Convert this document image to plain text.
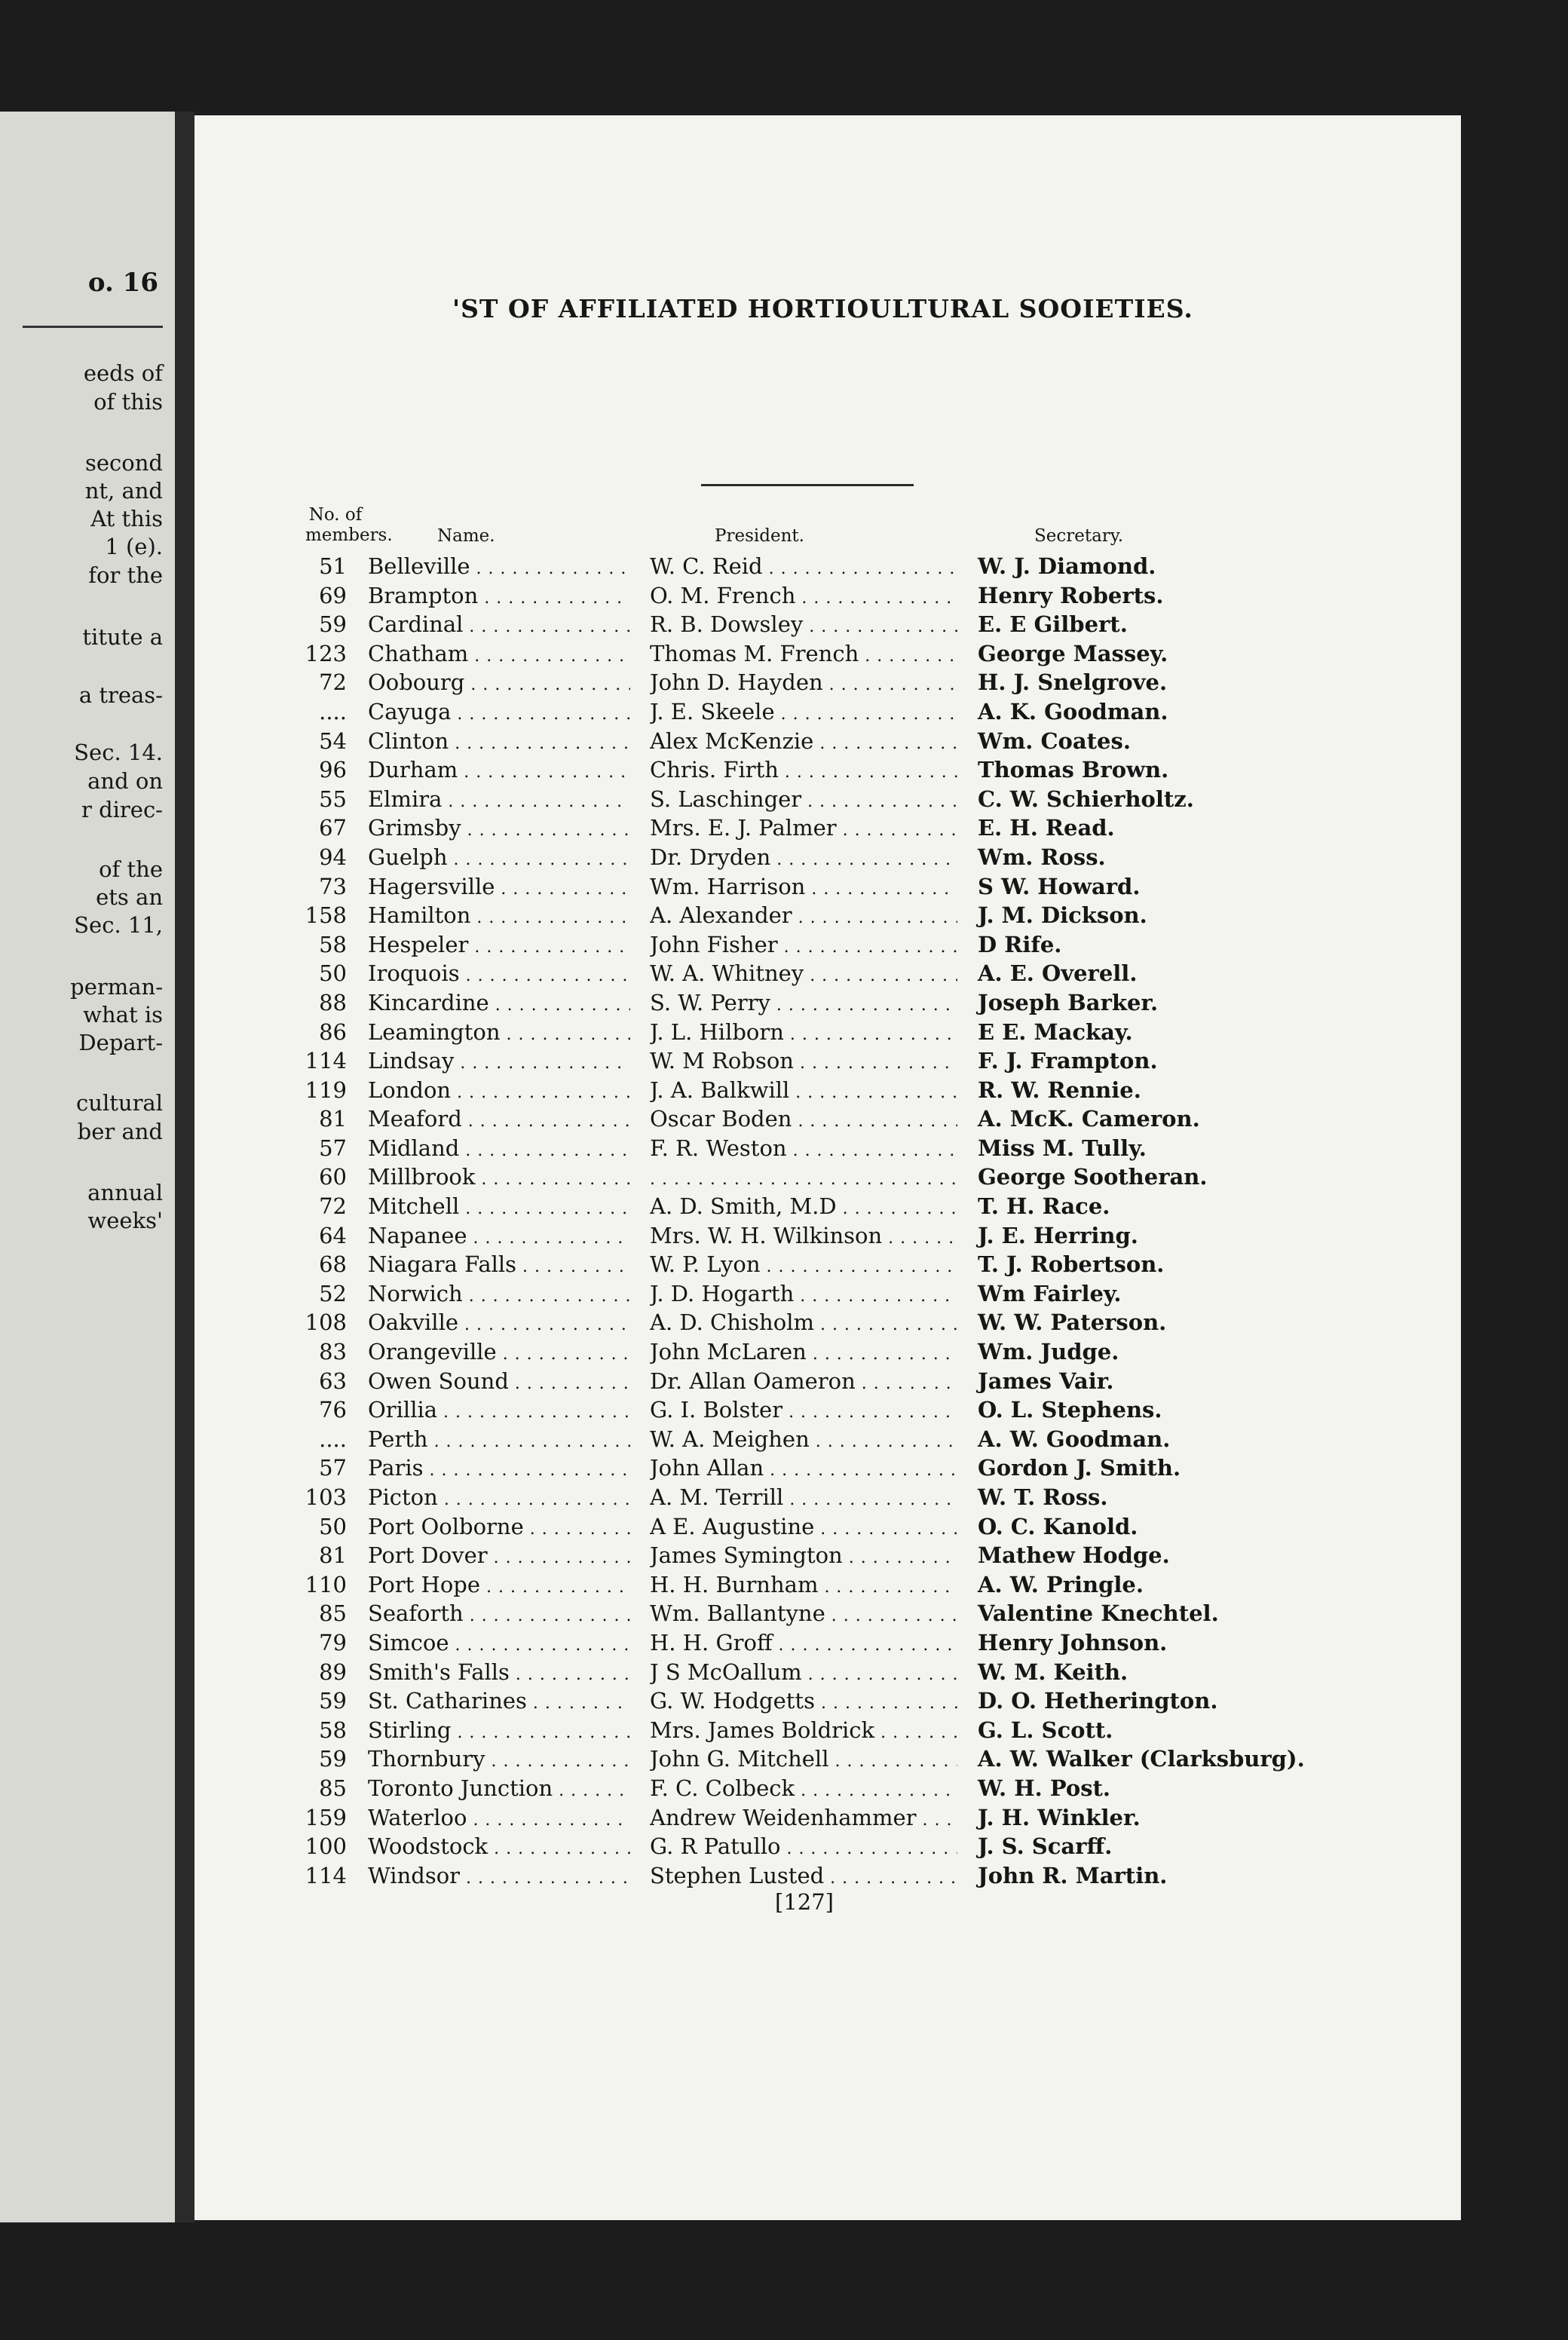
o. 16
eeds of
of this
second
nt, and
At this
1 (e).
for the
titute a
a treas-
Sec. 14.
and on
r direc-
of the
ets an
Sec. 11,
perman-
what is
Depart-
cultural
ber and
annual
weeks'
'ST OF AFFILIATED HORTIOULTURAL SOOIETIES.
No. of
members.	Name.	President.	Secretary.
51 Belleville . . .	W. C. Reid . . .	W. J. Diamond.
69 Brampton . . .	O. M. French . . .	Henry Roberts.
59 Cardinal . . .	R. B. Dowsley . . .	E. E Gilbert.
123 Chatham . . .	Thomas M. French . . .	George Massey.
72 Oobourg . . .	John D. Hayden . . .	H. J. Snelgrove.
.... Cayuga . . .	J. E. Skeele . . .	A. K. Goodman.
54 Clinton . . .	Alex McKenzie . . .	Wm. Coates.
96 Durham . . .	Chris. Firth . . .	Thomas Brown.
55 Elmira . . .	S. Laschinger . . .	C. W. Schierholtz.
67 Grimsby . . .	Mrs. E. J. Palmer . . .	E. H. Read.
94 Guelph . . .	Dr. Dryden . . .	Wm. Ross.
73 Hagersville . . .	Wm. Harrison . . .	S W. Howard.
158 Hamilton . . .	A. Alexander . . .	J. M. Dickson.
58 Hespeler . . .	John Fisher . . .	D Rife.
50 Iroquois . . .	W. A. Whitney . . .	A. E. Overell.
88 Kincardine . . .	S. W. Perry . . .	Joseph Barker.
86 Leamington . . .	J. L. Hilborn . . .	E E. Mackay.
114 Lindsay . . .	W. M Robson . . .	F. J. Frampton.
119 London . . .	J. A. Balkwill . . .	R. W. Rennie.
81 Meaford . . .	Oscar Boden . . .	A. McK. Cameron.
57 Midland . . .	F. R. Weston . . .	Miss M. Tully.
60 Millbrook . . .
. . .	George Sootheran.
72 Mitchell . . .	A. D. Smith, M.D . . .	T. H. Race.
64 Napanee . . .	Mrs. W. H. Wilkinson . . .	J. E. Herring.
68 Niagara Falls . . .	W. P. Lyon . . .	T. J. Robertson.
52 Norwich . . .	J. D. Hogarth . . .	Wm Fairley.
108 Oakville . . .	A. D. Chisholm . . .	W. W. Paterson.
83 Orangeville . . .	John McLaren . . .	Wm. Judge.
63 Owen Sound . . .	Dr. Allan Oameron . . .	James Vair.
76 Orillia . . .	G. I. Bolster . . .	O. L. Stephens.
.... Perth . . .	W. A. Meighen . . .	A. W. Goodman.
57 Paris . . .	John Allan . . .	Gordon J. Smith.
103 Picton . . .	A. M. Terrill . . .	W. T. Ross.
50 Port Oolborne . . .	A E. Augustine . . .	O. C. Kanold.
81 Port Dover . . .	James Symington . . .	Mathew Hodge.
110 Port Hope . . .	H. H. Burnham . . .	A. W. Pringle.
85 Seaforth . . .	Wm. Ballantyne . . .	Valentine Knechtel.
79 Simcoe . . .	H. H. Groff . . .	Henry Johnson.
89 Smith's Falls . . .	J S McOallum . . .	W. M. Keith.
59 St. Catharines . . .	G. W. Hodgetts . . .	D. O. Hetherington.
58 Stirling . . .	Mrs. James Boldrick . . .	G. L. Scott.
59 Thornbury . . .	John G. Mitchell . . .	A. W. Walker (Clarksburg).
85 Toronto Junction . . .	F. C. Colbeck . . .	W. H. Post.
159 Waterloo . . .	Andrew Weidenhammer . . .	J. H. Winkler.
100 Woodstock . . .	G. R Patullo . . .	J. S. Scarff.
114 Windsor . . .	Stephen Lusted . . .	John R. Martin.
[127]
